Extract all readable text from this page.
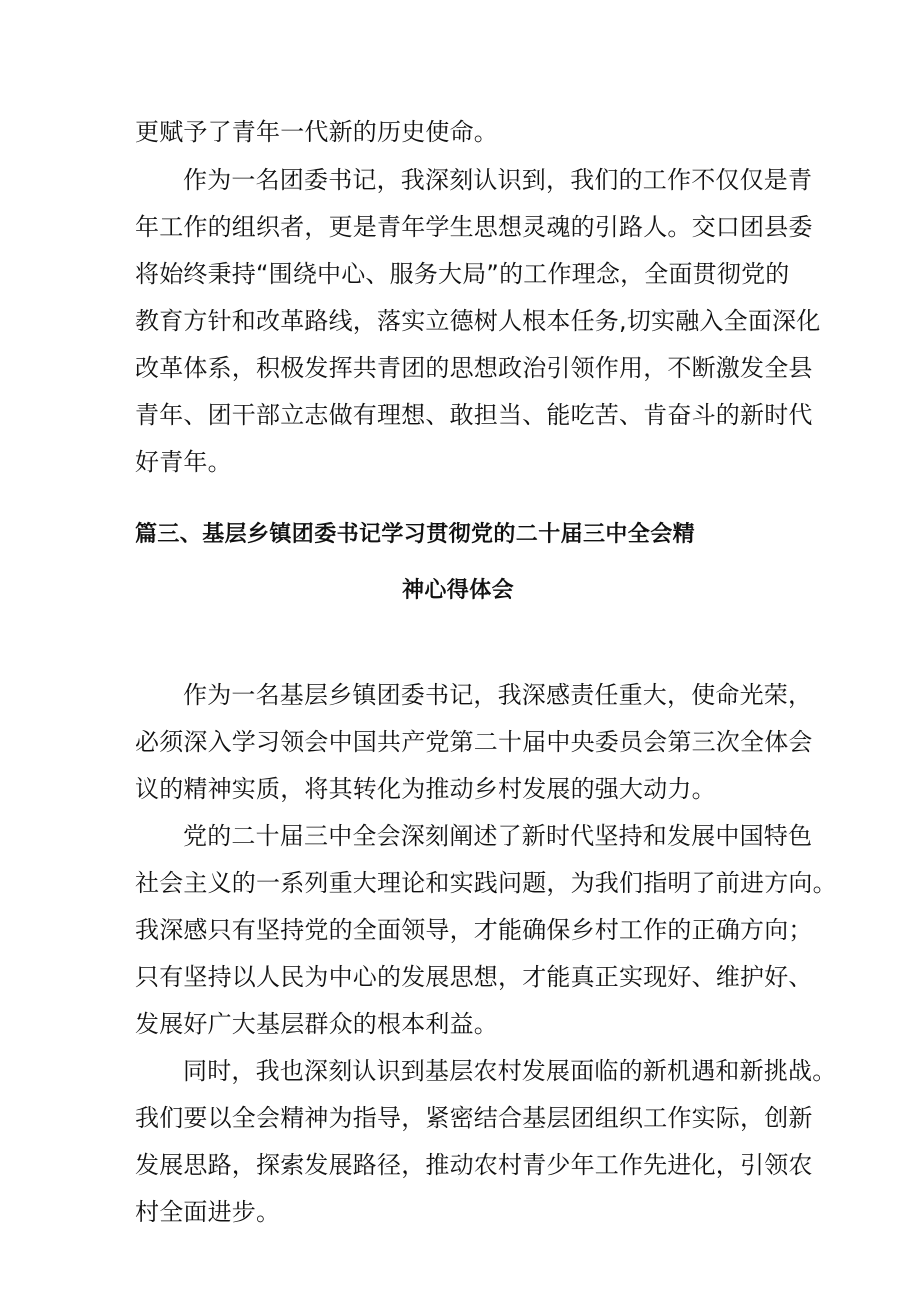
更赋予了青年一代新的历史使命。
作为一名团委书记，我深刻认识到，我们的工作不仅仅是青
年工作的组织者，更是青年学生思想灵魂的引路人。交口团县委
将始终秉持“围绕中心、服务大局”的工作理念，全面贯彻党的
教育方针和改革路线，落实立德树人根本任务,切实融入全面深化
改革体系，积极发挥共青团的思想政治引领作用，不断激发全县
青年、团干部立志做有理想、敢担当、能吃苦、肯奋斗的新时代
好青年。
篇三、基层乡镇团委书记学习贯彻党的二十届三中全会精
神心得体会
作为一名基层乡镇团委书记，我深感责任重大，使命光荣，
必须深入学习领会中国共产党第二十届中央委员会第三次全体会
议的精神实质，将其转化为推动乡村发展的强大动力。
党的二十届三中全会深刻阐述了新时代坚持和发展中国特色
社会主义的一系列重大理论和实践问题，为我们指明了前进方向。
我深感只有坚持党的全面领导，才能确保乡村工作的正确方向；
只有坚持以人民为中心的发展思想，才能真正实现好、维护好、
发展好广大基层群众的根本利益。
同时，我也深刻认识到基层农村发展面临的新机遇和新挑战。
我们要以全会精神为指导，紧密结合基层团组织工作实际，创新
发展思路，探索发展路径，推动农村青少年工作先进化，引领农
村全面进步。
